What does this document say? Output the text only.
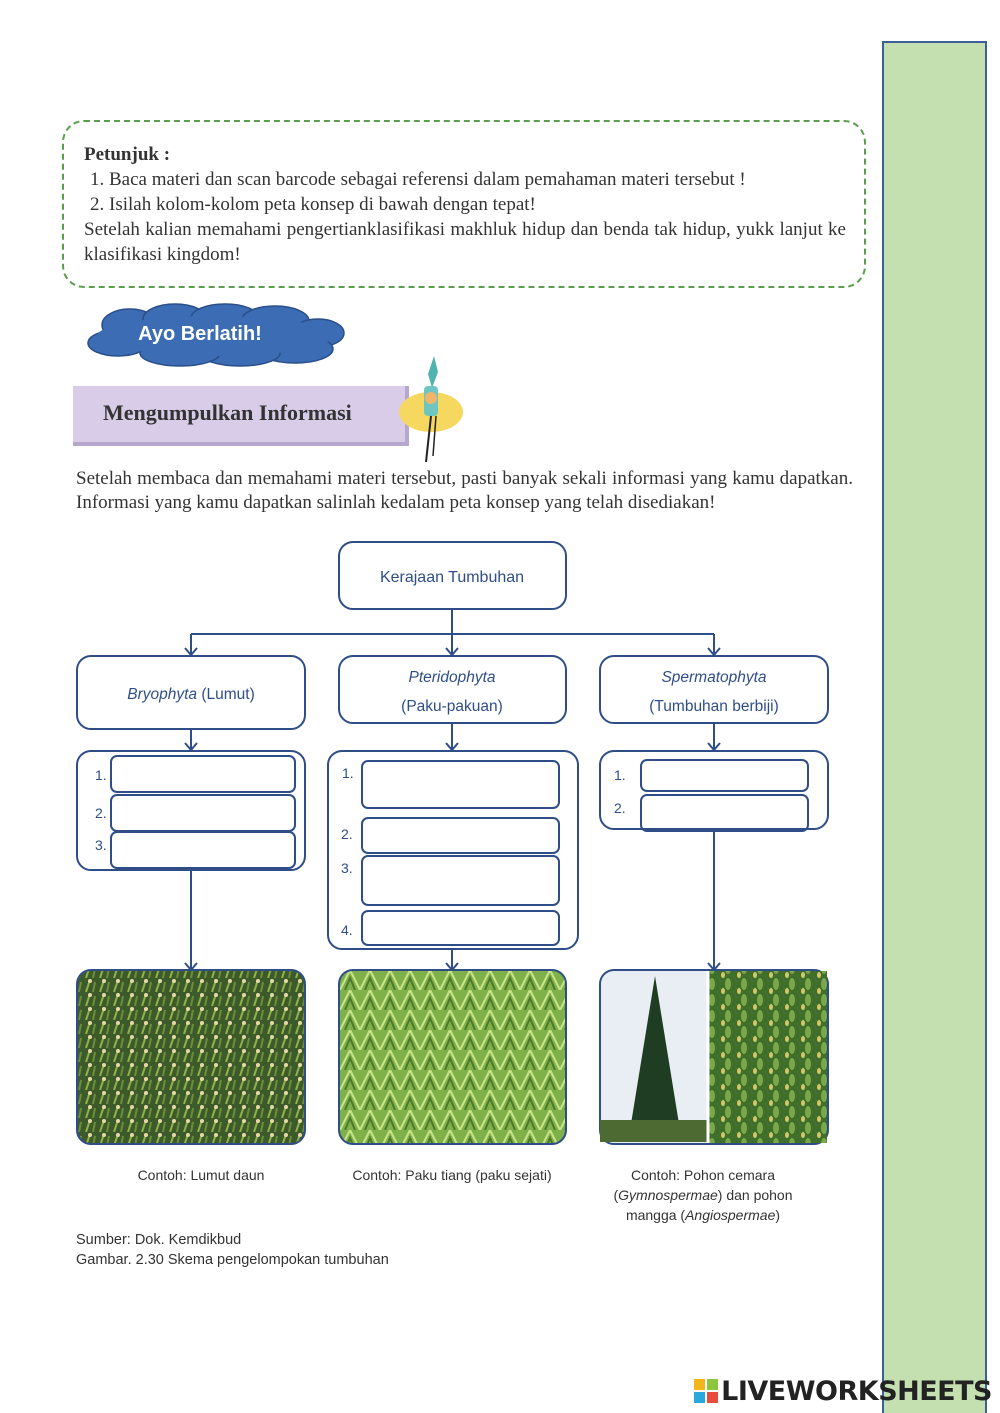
Petunjuk :
1. Baca materi dan scan barcode sebagai referensi dalam pemahaman materi tersebut !
2. Isilah kolom-kolom peta konsep di bawah dengan tepat!
Setelah kalian memahami pengertianklasifikasi makhluk hidup dan benda tak hidup, yukk lanjut ke klasifikasi kingdom!
Ayo Berlatih!
Mengumpulkan Informasi
Setelah membaca dan memahami materi tersebut, pasti banyak sekali informasi yang kamu dapatkan. Informasi yang kamu dapatkan salinlah kedalam peta konsep yang telah disediakan!
Kerajaan Tumbuhan
Bryophyta (Lumut)
Pteridophyta
(Paku-pakuan)
Spermatophyta
(Tumbuhan berbiji)
1.
2.
3.
1.
2.
3.
4.
1.
2.
Contoh: Lumut daun	Contoh: Paku tiang (paku sejati)	Contoh: Pohon cemara
(Gymnospermae) dan pohon
mangga (Angiospermae)
Sumber: Dok. Kemdikbud
Gambar. 2.30 Skema pengelompokan tumbuhan
LIVEWORKSHEETS
